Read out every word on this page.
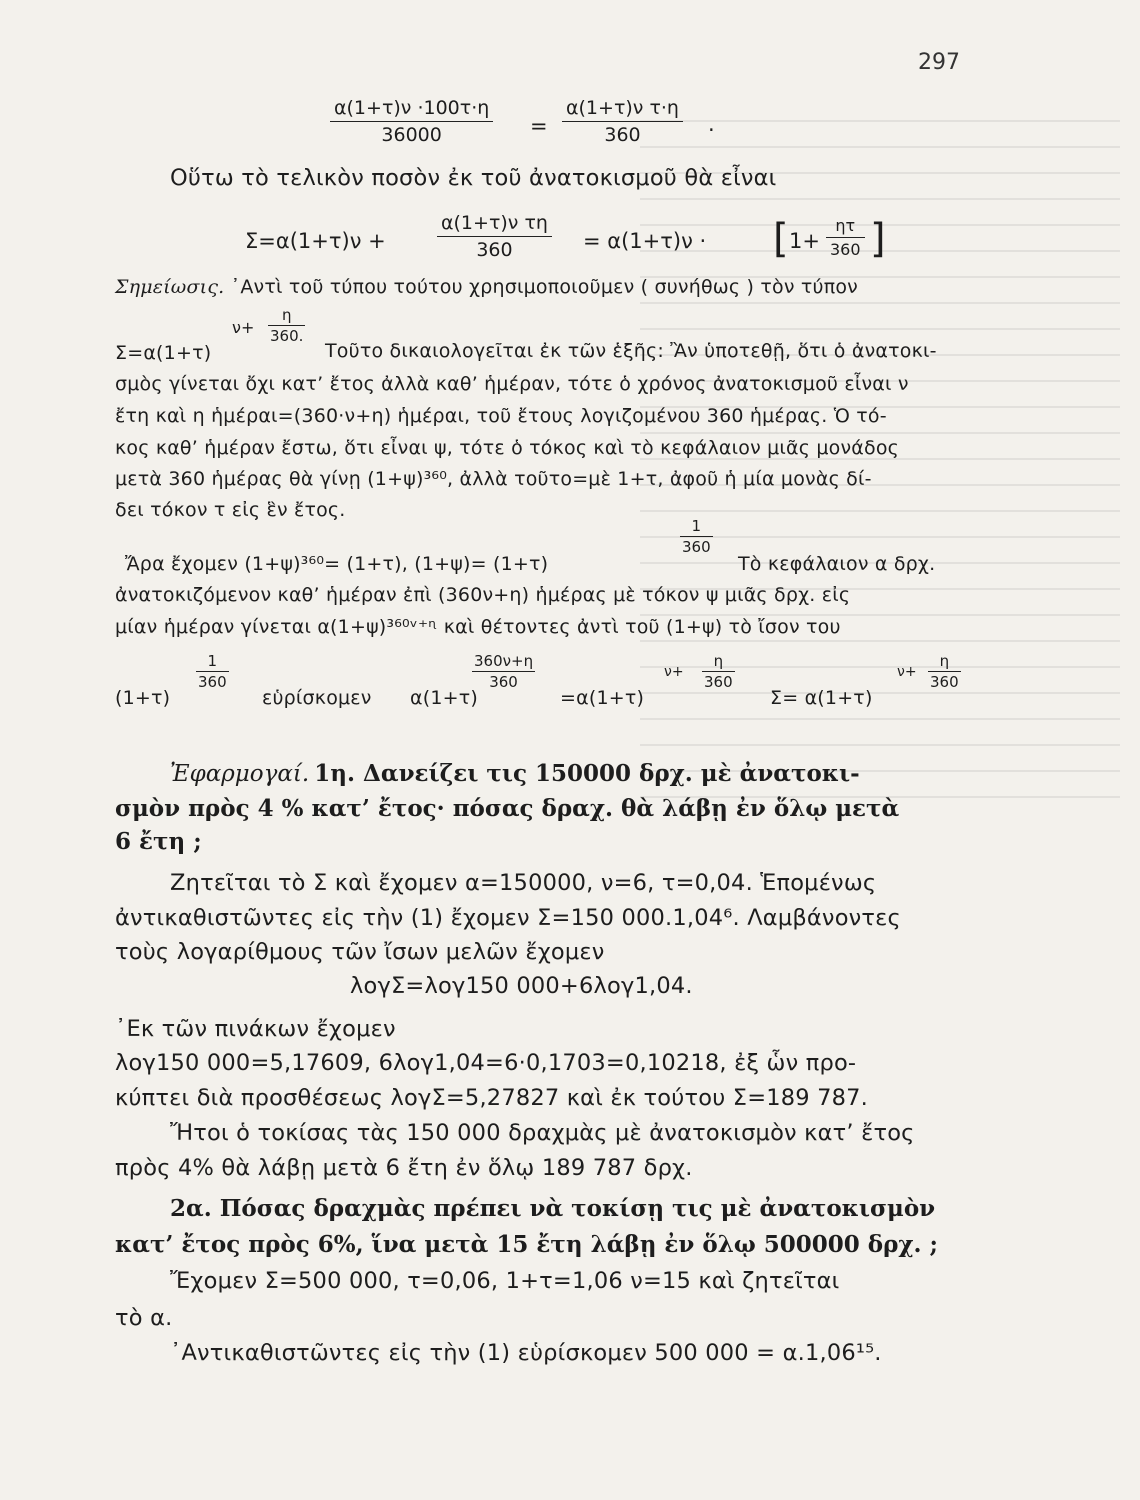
297
$\frac{\alpha(1+\tau)\nu \cdot 100\tau\cdot\eta}{36000} = \frac{\text{α(1+τ)ν τ·η}}{360}$ .
Οὕτω τὸ τελικὸν ποσὸν ἐκ τοῦ ἀνατοκισμοῦ θὰ εἶναι
Σ=α(1+τ)ν +	$\frac{\text{α(1+τ)ν τη}}{360} = \alpha(1+\tau)\nu$ · [ $1+ \frac{\eta\tau}{360}$ ]
Σημείωσις. ᾿Αντὶ τοῦ τύπου τούτου χρησιμοποιοῦμεν ( συνήθως ) τὸν τύπον
$\nu+ \frac{\eta}{360.}$
Σ=α(1+τ)	Τοῦτο δικαιολογεῖται ἐκ τῶν ἑξῆς: Ἂν ὑποτεθῇ, ὅτι ὁ ἀνατοκι-
σμὸς γίνεται ὄχι κατ’ ἔτος ἀλλὰ καθ’ ἡμέραν, τότε ὁ χρόνος ἀνατοκισμοῦ εἶναι ν
ἔτη καὶ η ἡμέραι=(360·ν+η) ἡμέραι, τοῦ ἔτους λογιζομένου 360 ἡμέρας. Ὁ τό-
κος καθ’ ἡμέραν ἔστω, ὅτι εἶναι ψ, τότε ὁ τόκος καὶ τὸ κεφάλαιον μιᾶς μονάδος
μετὰ 360 ἡμέρας θὰ γίνῃ (1+ψ)³⁶⁰, ἀλλὰ τοῦτο=μὲ 1+τ, ἀφοῦ ἡ μία μονὰς δί-
δει τόκον τ εἰς ἓν ἔτος.
$\frac{1}{360}$
Ἄρα ἔχομεν (1+ψ)³⁶⁰= (1+τ), (1+ψ)= (1+τ)	Τὸ κεφάλαιον α δρχ.
ἀνατοκιζόμενον καθ’ ἡμέραν ἐπὶ (360ν+η) ἡμέρας μὲ τόκον ψ μιᾶς δρχ. εἰς
μίαν ἡμέραν γίνεται α(1+ψ)³⁶⁰ᵛ⁺ᶯ καὶ θέτοντες ἀντὶ τοῦ (1+ψ) τὸ ἴσον του
$\frac{1}{360}$
(1+τ)	εὑρίσκομεν
$\frac{360\nu+\eta}{360}$
α(1+τ)	=α(1+τ)
$\nu+ \frac{\eta}{360}$
Σ= α(1+τ)
$\nu+ \frac{\eta}{360}$
Ἐφαρμογαί. 1η. Δανείζει τις 150000 δρχ. μὲ ἀνατοκι-
σμὸν πρὸς 4 % κατ’ ἔτος· πόσας δραχ. θὰ λάβῃ ἐν ὅλῳ μετὰ
6 ἔτη ;
Ζητεῖται τὸ Σ καὶ ἔχομεν α=150000, ν=6, τ=0,04. Ἑπομένως
ἀντικαθιστῶντες εἰς τὴν (1) ἔχομεν Σ=150 000.1,04⁶. Λαμβάνοντες
τοὺς λογαρίθμους τῶν ἴσων μελῶν ἔχομεν
λογΣ=λογ150 000+6λογ1,04.
᾿Εκ τῶν πινάκων ἔχομεν
λογ150 000=5,17609, 6λογ1,04=6·0,1703=0,10218, ἐξ ὧν προ-
κύπτει διὰ προσθέσεως λογΣ=5,27827 καὶ ἐκ τούτου Σ=189 787.
Ἤτοι ὁ τοκίσας τὰς 150 000 δραχμὰς μὲ ἀνατοκισμὸν κατ’ ἔτος
πρὸς 4% θὰ λάβῃ μετὰ 6 ἔτη ἐν ὅλῳ 189 787 δρχ.
2α. Πόσας δραχμὰς πρέπει νὰ τοκίσῃ τις μὲ ἀνατοκισμὸν
κατ’ ἔτος πρὸς 6%, ἵνα μετὰ 15 ἔτη λάβῃ ἐν ὅλῳ 500000 δρχ. ;
Ἔχομεν Σ=500 000, τ=0,06, 1+τ=1,06 ν=15 καὶ ζητεῖται
τὸ α.
᾿Αντικαθιστῶντες εἰς τὴν (1) εὑρίσκομεν 500 000 = α.1,06¹⁵.
